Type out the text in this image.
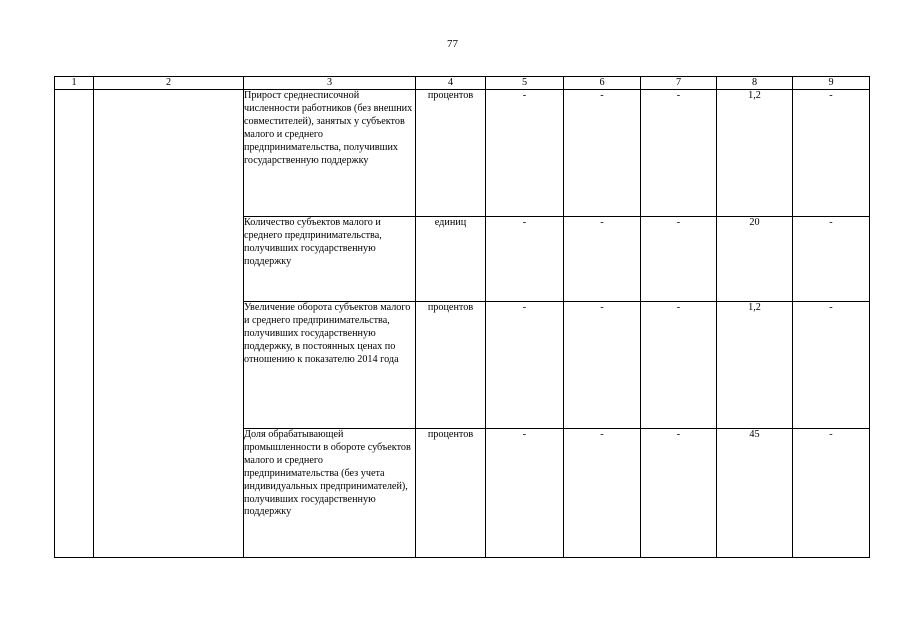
77
1	2	3	4	5	6	7	8	9
		Прирост среднесписочной численности работников (без внешних совместителей), занятых у субъектов малого и среднего предпринимательства, получивших государственную поддержку	процентов	-	-	-	1,2	-
		Количество субъектов малого и среднего предпринимательства, получивших государственную поддержку	единиц	-	-	-	20	-
		Увеличение оборота субъектов малого и среднего предпринимательства, получивших государственную поддержку, в постоянных ценах по отношению к показателю 2014 года	процентов	-	-	-	1,2	-
		Доля обрабатывающей промышленности в обороте субъектов малого и среднего предпринимательства (без учета индивидуальных предпринимателей), получивших государственную поддержку	процентов	-	-	-	45	-
